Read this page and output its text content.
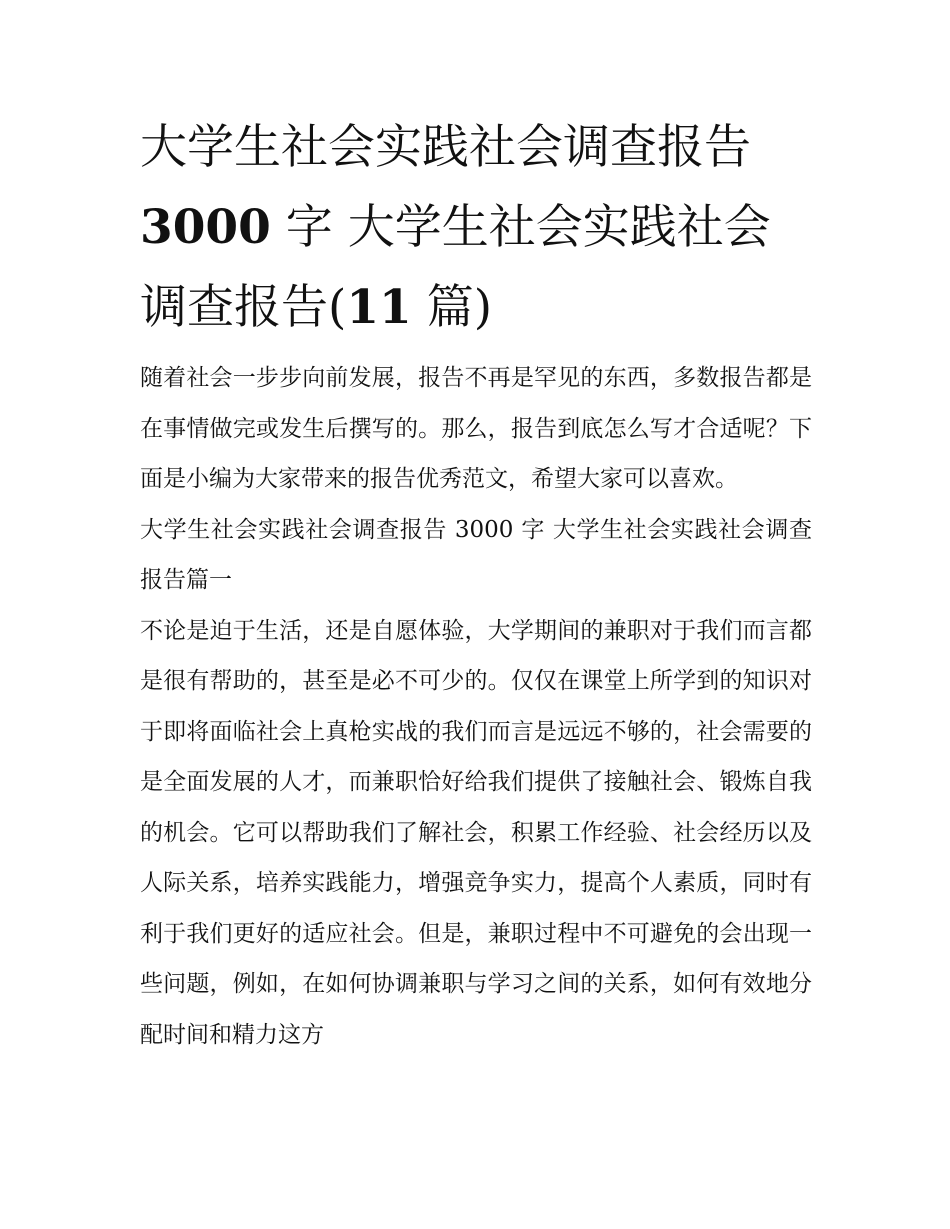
大学生社会实践社会调查报告3000 字 大学生社会实践社会调查报告(11 篇)

随着社会一步步向前发展，报告不再是罕见的东西，多数报告都是在事情做完或发生后撰写的。那么，报告到底怎么写才合适呢？下面是小编为大家带来的报告优秀范文，希望大家可以喜欢。

大学生社会实践社会调查报告 3000 字 大学生社会实践社会调查报告篇一

不论是迫于生活，还是自愿体验，大学期间的兼职对于我们而言都是很有帮助的，甚至是必不可少的。仅仅在课堂上所学到的知识对于即将面临社会上真枪实战的我们而言是远远不够的，社会需要的是全面发展的人才，而兼职恰好给我们提供了接触社会、锻炼自我的机会。它可以帮助我们了解社会，积累工作经验、社会经历以及人际关系，培养实践能力，增强竞争实力，提高个人素质，同时有利于我们更好的适应社会。但是，兼职过程中不可避免的会出现一些问题，例如，在如何协调兼职与学习之间的关系，如何有效地分配时间和精力这方
